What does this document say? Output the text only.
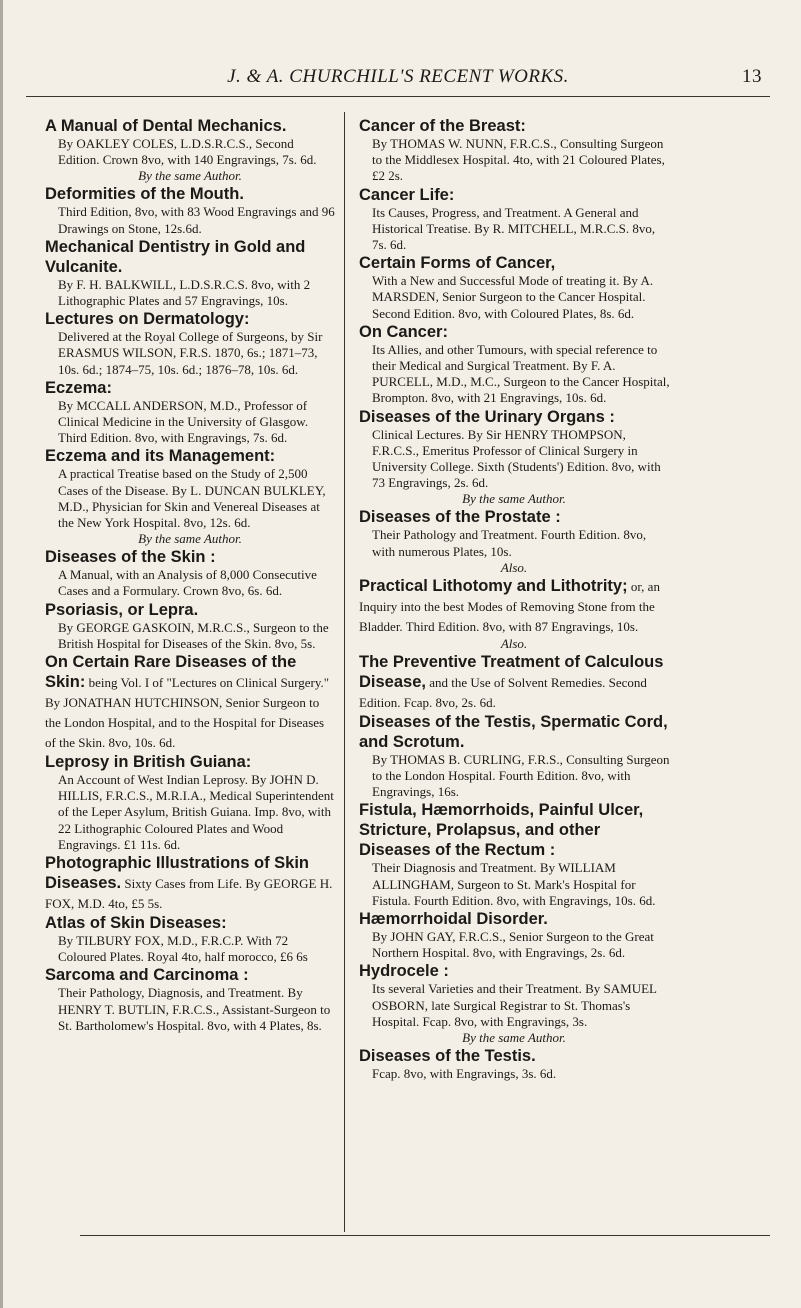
J. & A. CHURCHILL'S RECENT WORKS.	13

A Manual of Dental Mechanics.

By OAKLEY COLES, L.D.S.R.C.S., Second Edition. Crown 8vo, with 140 Engravings, 7s. 6d.

By the same Author.

Deformities of the Mouth.

Third Edition, 8vo, with 83 Wood Engravings and 96 Drawings on Stone, 12s.6d.

Mechanical Dentistry in Gold and Vulcanite.

By F. H. BALKWILL, L.D.S.R.C.S. 8vo, with 2 Lithographic Plates and 57 Engravings, 10s.

Lectures on Dermatology:

Delivered at the Royal College of Surgeons, by Sir ERASMUS WILSON, F.R.S. 1870, 6s.; 1871–73, 10s. 6d.; 1874–75, 10s. 6d.; 1876–78, 10s. 6d.

Eczema:

By MCCALL ANDERSON, M.D., Professor of Clinical Medicine in the University of Glasgow. Third Edition. 8vo, with Engravings, 7s. 6d.

Eczema and its Management:

A practical Treatise based on the Study of 2,500 Cases of the Disease. By L. DUNCAN BULKLEY, M.D., Physician for Skin and Venereal Diseases at the New York Hospital. 8vo, 12s. 6d.

By the same Author.

Diseases of the Skin :

A Manual, with an Analysis of 8,000 Consecutive Cases and a Formulary. Crown 8vo, 6s. 6d.

Psoriasis, or Lepra.

By GEORGE GASKOIN, M.R.C.S., Surgeon to the British Hospital for Diseases of the Skin. 8vo, 5s.

On Certain Rare Diseases of the Skin: being Vol. I of "Lectures on Clinical Surgery." By JONATHAN HUTCHINSON, Senior Surgeon to the London Hospital, and to the Hospital for Diseases of the Skin. 8vo, 10s. 6d.

Leprosy in British Guiana:

An Account of West Indian Leprosy. By JOHN D. HILLIS, F.R.C.S., M.R.I.A., Medical Superintendent of the Leper Asylum, British Guiana. Imp. 8vo, with 22 Lithographic Coloured Plates and Wood Engravings. £1 11s. 6d.

Photographic Illustrations of Skin Diseases. Sixty Cases from Life. By GEORGE H. FOX, M.D. 4to, £5 5s.

Atlas of Skin Diseases:

By TILBURY FOX, M.D., F.R.C.P. With 72 Coloured Plates. Royal 4to, half morocco, £6 6s

Sarcoma and Carcinoma :

Their Pathology, Diagnosis, and Treatment. By HENRY T. BUTLIN, F.R.C.S., Assistant-Surgeon to St. Bartholomew's Hospital. 8vo, with 4 Plates, 8s.

Cancer of the Breast:

By THOMAS W. NUNN, F.R.C.S., Consulting Surgeon to the Middlesex Hospital. 4to, with 21 Coloured Plates, £2 2s.

Cancer Life:

Its Causes, Progress, and Treatment. A General and Historical Treatise. By R. MITCHELL, M.R.C.S. 8vo, 7s. 6d.

Certain Forms of Cancer,

With a New and Successful Mode of treating it. By A. MARSDEN, Senior Surgeon to the Cancer Hospital. Second Edition. 8vo, with Coloured Plates, 8s. 6d.

On Cancer:

Its Allies, and other Tumours, with special reference to their Medical and Surgical Treatment. By F. A. PURCELL, M.D., M.C., Surgeon to the Cancer Hospital, Brompton. 8vo, with 21 Engravings, 10s. 6d.

Diseases of the Urinary Organs :

Clinical Lectures. By Sir HENRY THOMPSON, F.R.C.S., Emeritus Professor of Clinical Surgery in University College. Sixth (Students') Edition. 8vo, with 73 Engravings, 2s. 6d.

By the same Author.

Diseases of the Prostate :

Their Pathology and Treatment. Fourth Edition. 8vo, with numerous Plates, 10s.

Also.

Practical Lithotomy and Lithotrity; or, an Inquiry into the best Modes of Removing Stone from the Bladder. Third Edition. 8vo, with 87 Engravings, 10s.

Also.

The Preventive Treatment of Calculous Disease, and the Use of Solvent Remedies. Second Edition. Fcap. 8vo, 2s. 6d.

Diseases of the Testis, Spermatic Cord, and Scrotum.

By THOMAS B. CURLING, F.R.S., Consulting Surgeon to the London Hospital. Fourth Edition. 8vo, with Engravings, 16s.

Fistula, Hæmorrhoids, Painful Ulcer, Stricture, Prolapsus, and other Diseases of the Rectum :

Their Diagnosis and Treatment. By WILLIAM ALLINGHAM, Surgeon to St. Mark's Hospital for Fistula. Fourth Edition. 8vo, with Engravings, 10s. 6d.

Hæmorrhoidal Disorder.

By JOHN GAY, F.R.C.S., Senior Surgeon to the Great Northern Hospital. 8vo, with Engravings, 2s. 6d.

Hydrocele :

Its several Varieties and their Treatment. By SAMUEL OSBORN, late Surgical Registrar to St. Thomas's Hospital. Fcap. 8vo, with Engravings, 3s.

By the same Author.

Diseases of the Testis.

Fcap. 8vo, with Engravings, 3s. 6d.
